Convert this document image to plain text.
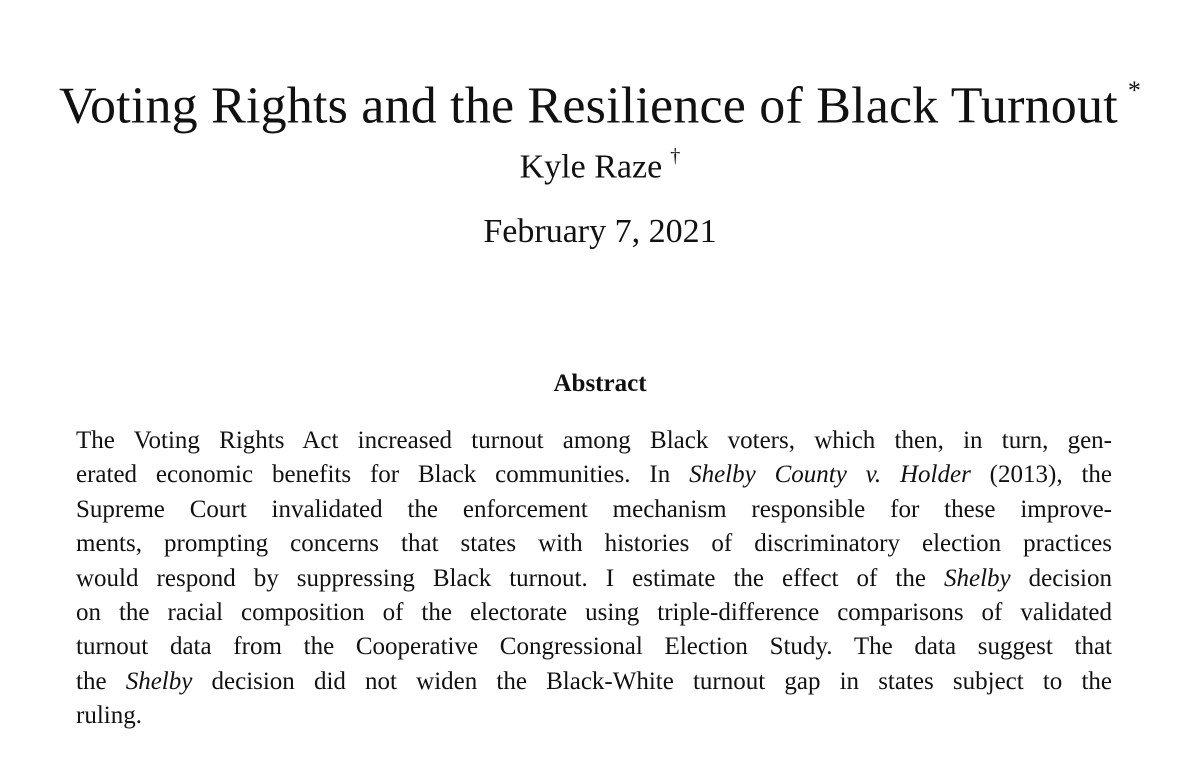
Voting Rights and the Resilience of Black Turnout *
Kyle Raze †
February 7, 2021
Abstract
The Voting Rights Act increased turnout among Black voters, which then, in turn, gen-
erated economic benefits for Black communities. In Shelby County v. Holder (2013), the
Supreme Court invalidated the enforcement mechanism responsible for these improve-
ments, prompting concerns that states with histories of discriminatory election practices
would respond by suppressing Black turnout. I estimate the effect of the Shelby decision
on the racial composition of the electorate using triple-difference comparisons of validated
turnout data from the Cooperative Congressional Election Study. The data suggest that
the Shelby decision did not widen the Black-White turnout gap in states subject to the
ruling.
